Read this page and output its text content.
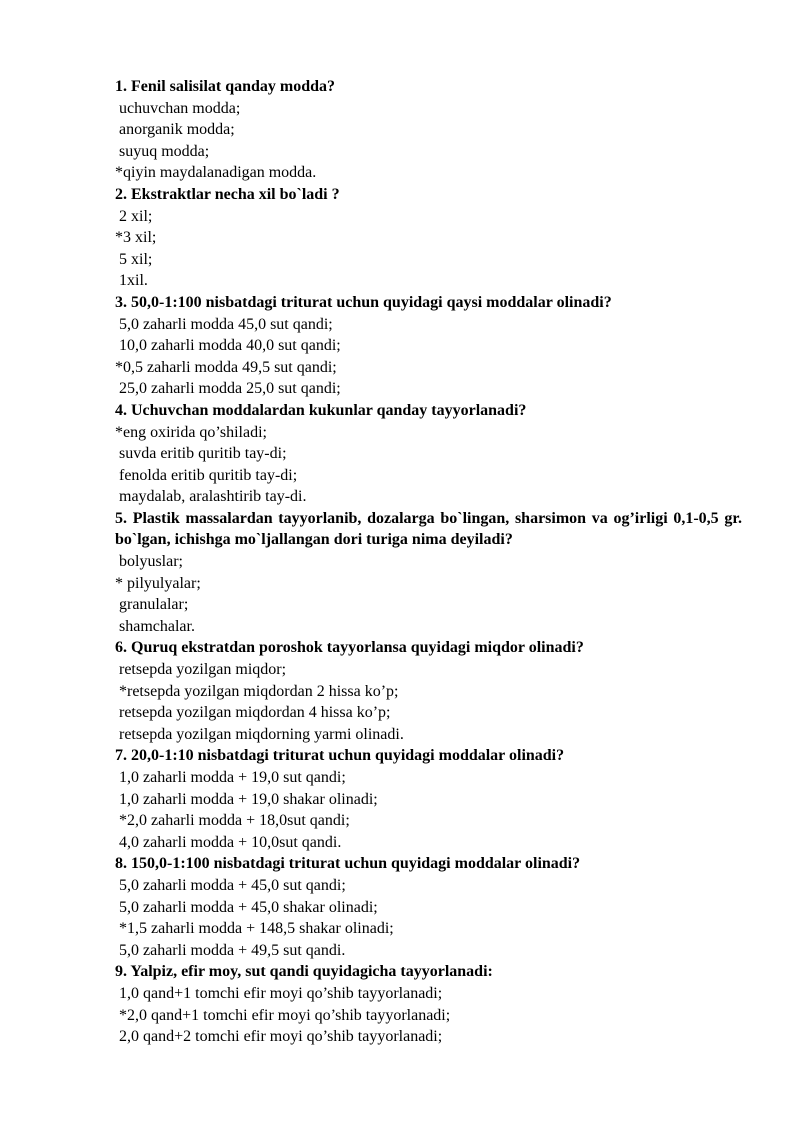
1. Fenil salisilat qanday modda?

uchuvchan modda;

anorganik modda;

suyuq modda;

*qiyin maydalanadigan modda.

2. Ekstraktlar necha xil bo`ladi ?

2 xil;

*3 xil;

5 xil;

1xil.

3. 50,0-1:100 nisbatdagi triturat uchun quyidagi qaysi moddalar olinadi?

5,0 zaharli modda 45,0 sut qandi;

10,0 zaharli modda 40,0 sut qandi;

*0,5 zaharli modda 49,5 sut qandi;

25,0 zaharli modda 25,0 sut qandi;

4. Uchuvchan moddalardan kukunlar qanday tayyorlanadi?

*eng oxirida qo’shiladi;

suvda eritib quritib tay-di;

fenolda eritib quritib tay-di;

maydalab, aralashtirib tay-di.

5. Plastik massalardan tayyorlanib, dozalarga bo`lingan, sharsimon va og’irligi 0,1-0,5 gr. bo`lgan, ichishga mo`ljallangan dori turiga nima deyiladi?

bolyuslar;

* pilyulyalar;

granulalar;

shamchalar.

6. Quruq ekstratdan poroshok tayyorlansa quyidagi miqdor olinadi?

retsepda yozilgan miqdor;

*retsepda yozilgan miqdordan 2 hissa ko’p;

retsepda yozilgan miqdordan 4 hissa ko’p;

retsepda yozilgan miqdorning yarmi olinadi.

7. 20,0-1:10 nisbatdagi triturat uchun quyidagi moddalar olinadi?

1,0 zaharli modda + 19,0 sut qandi;

1,0 zaharli modda + 19,0 shakar olinadi;

*2,0 zaharli modda + 18,0sut qandi;

4,0 zaharli modda + 10,0sut qandi.

8. 150,0-1:100 nisbatdagi triturat uchun quyidagi moddalar olinadi?

5,0 zaharli modda + 45,0 sut qandi;

5,0 zaharli modda + 45,0 shakar olinadi;

*1,5 zaharli modda + 148,5 shakar olinadi;

5,0 zaharli modda + 49,5 sut qandi.

9. Yalpiz, efir moy, sut qandi quyidagicha tayyorlanadi:

1,0 qand+1 tomchi efir moyi qo’shib tayyorlanadi;

*2,0 qand+1 tomchi efir moyi qo’shib tayyorlanadi;

2,0 qand+2 tomchi efir moyi qo’shib tayyorlanadi;
